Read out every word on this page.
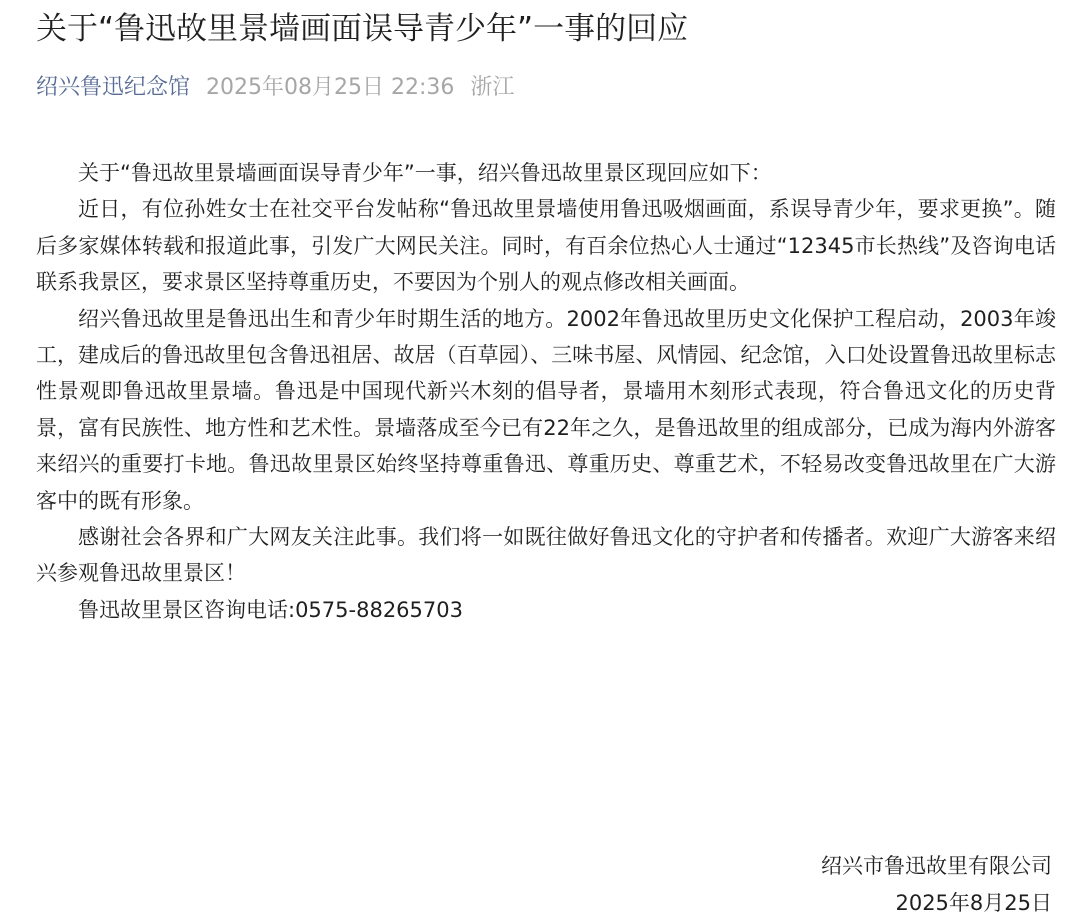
关于“鲁迅故里景墙画面误导青少年”一事的回应
绍兴鲁迅纪念馆 2025年08月25日 22:36 浙江

关于“鲁迅故里景墙画面误导青少年”一事，绍兴鲁迅故里景区现回应如下：

近日，有位孙姓女士在社交平台发帖称“鲁迅故里景墙使用鲁迅吸烟画面，系误导青少年，要求更换”。随后多家媒体转载和报道此事，引发广大网民关注。同时，有百余位热心人士通过“12345市长热线”及咨询电话联系我景区，要求景区坚持尊重历史，不要因为个别人的观点修改相关画面。

绍兴鲁迅故里是鲁迅出生和青少年时期生活的地方。2002年鲁迅故里历史文化保护工程启动，2003年竣工，建成后的鲁迅故里包含鲁迅祖居、故居（百草园）、三味书屋、风情园、纪念馆，入口处设置鲁迅故里标志性景观即鲁迅故里景墙。鲁迅是中国现代新兴木刻的倡导者，景墙用木刻形式表现，符合鲁迅文化的历史背景，富有民族性、地方性和艺术性。景墙落成至今已有22年之久，是鲁迅故里的组成部分，已成为海内外游客来绍兴的重要打卡地。鲁迅故里景区始终坚持尊重鲁迅、尊重历史、尊重艺术，不轻易改变鲁迅故里在广大游客中的既有形象。

感谢社会各界和广大网友关注此事。我们将一如既往做好鲁迅文化的守护者和传播者。欢迎广大游客来绍兴参观鲁迅故里景区！

鲁迅故里景区咨询电话:0575-88265703

绍兴市鲁迅故里有限公司
2025年8月25日
